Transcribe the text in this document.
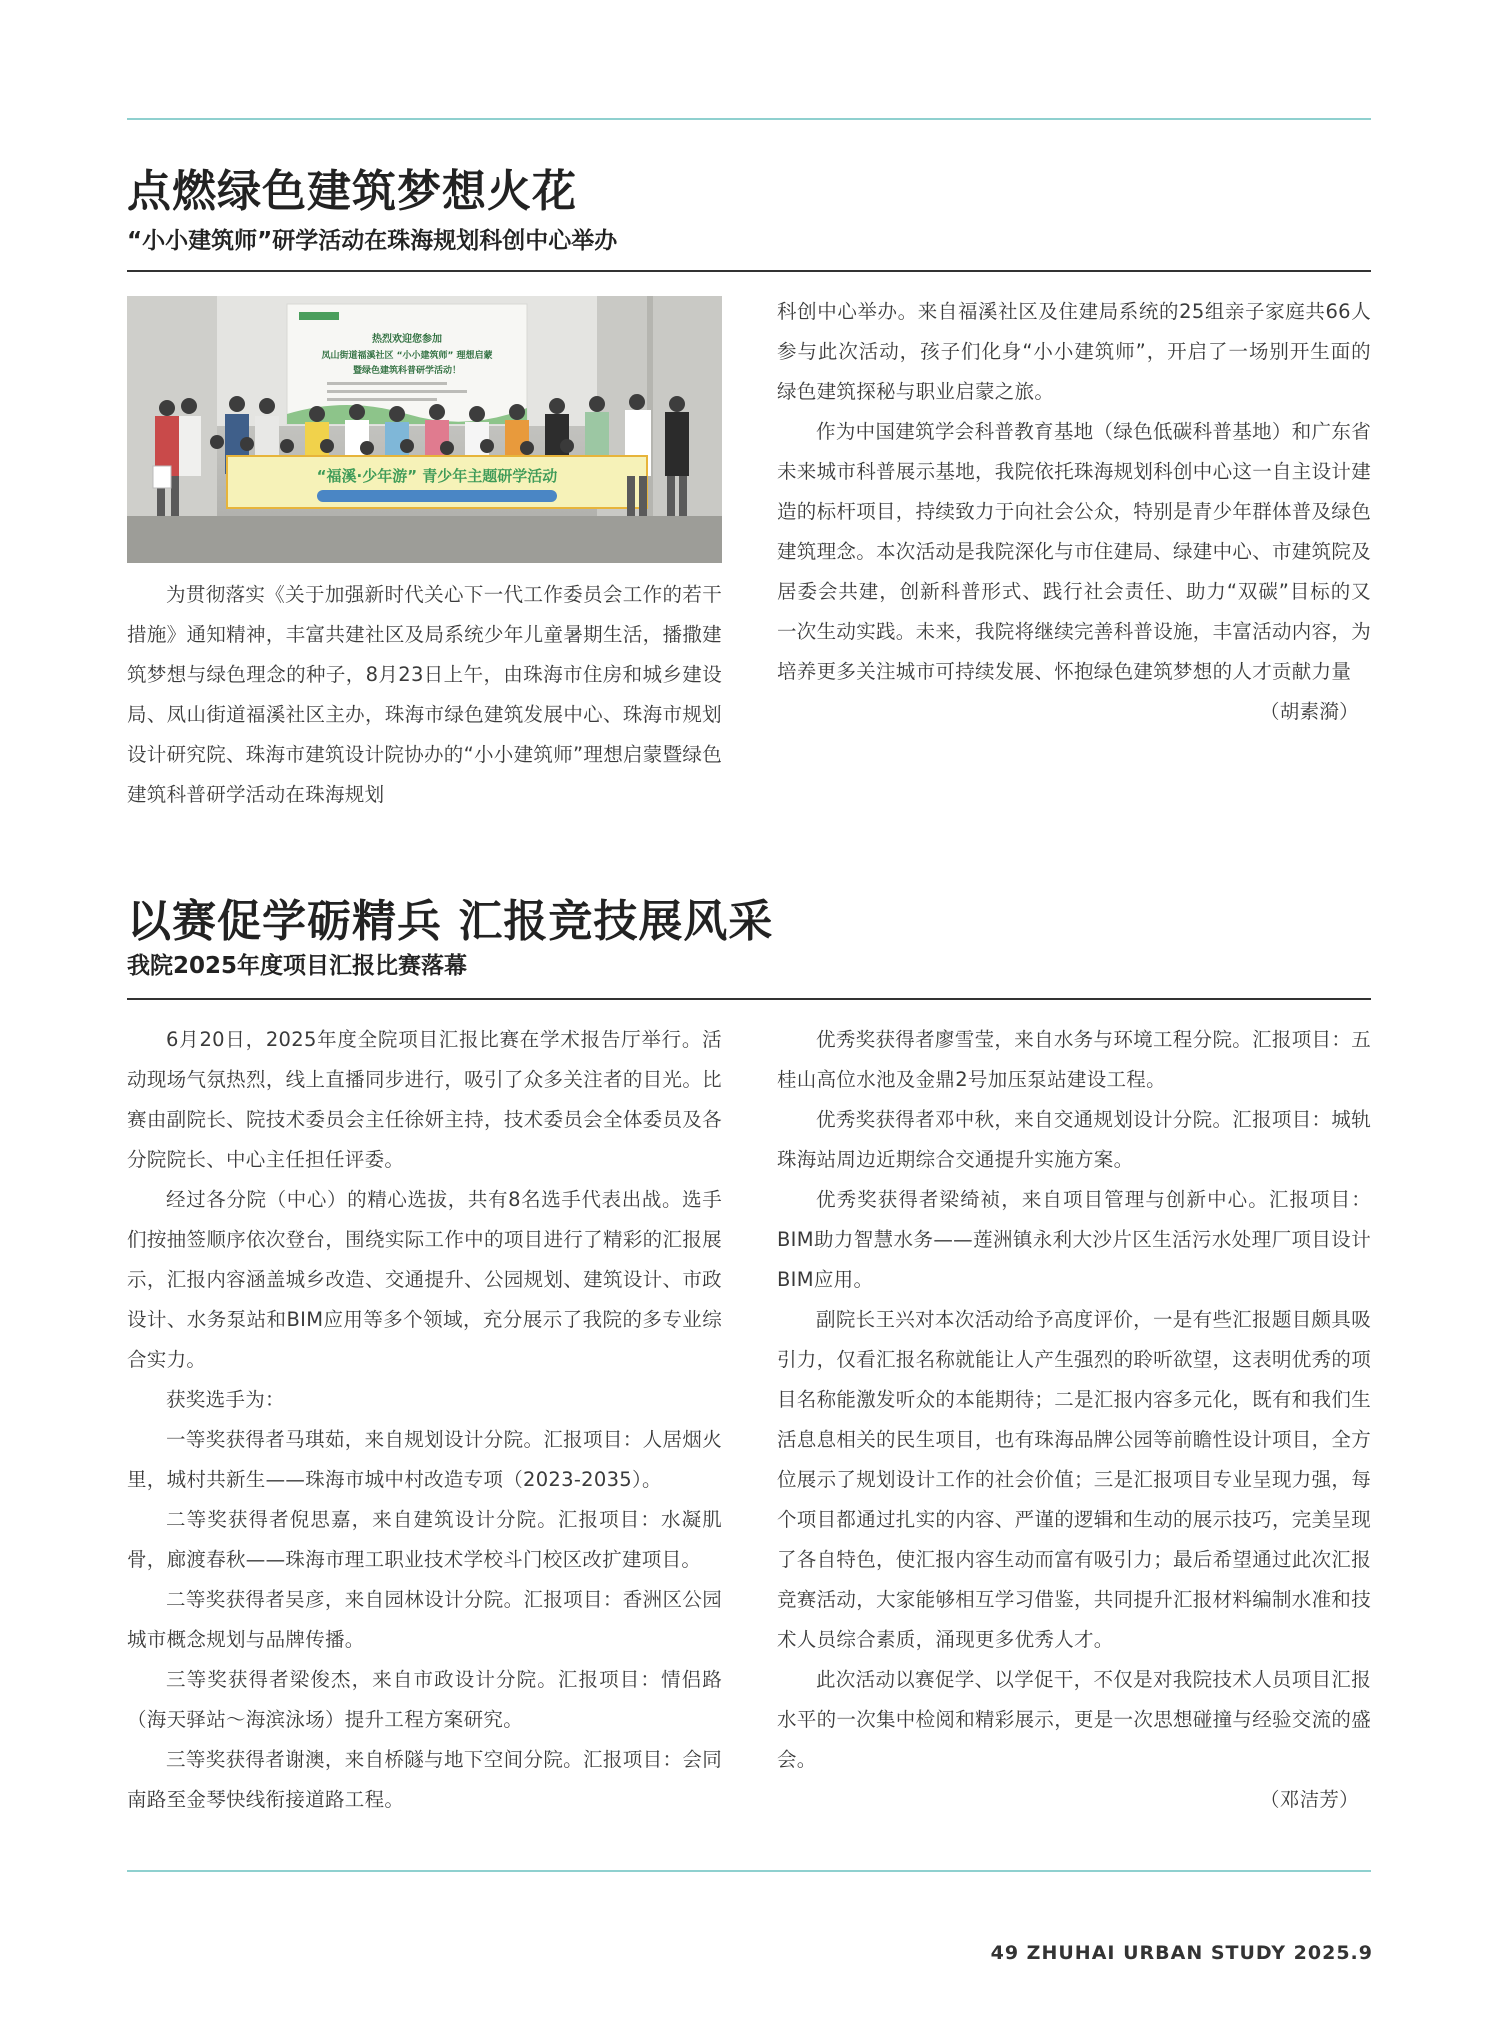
点燃绿色建筑梦想火花
“小小建筑师”研学活动在珠海规划科创中心举办
热烈欢迎您参加
凤山街道福溪社区 “小小建筑师” 理想启蒙
暨绿色建筑科普研学活动！
“福溪·少年游” 青少年主题研学活动

为贯彻落实《关于加强新时代关心下一代工作委员会工作的若干措施》通知精神，丰富共建社区及局系统少年儿童暑期生活，播撒建筑梦想与绿色理念的种子，8月23日上午，由珠海市住房和城乡建设局、凤山街道福溪社区主办，珠海市绿色建筑发展中心、珠海市规划设计研究院、珠海市建筑设计院协办的“小小建筑师”理想启蒙暨绿色建筑科普研学活动在珠海规划

科创中心举办。来自福溪社区及住建局系统的25组亲子家庭共66人参与此次活动，孩子们化身“小小建筑师”，开启了一场别开生面的绿色建筑探秘与职业启蒙之旅。

作为中国建筑学会科普教育基地（绿色低碳科普基地）和广东省未来城市科普展示基地，我院依托珠海规划科创中心这一自主设计建造的标杆项目，持续致力于向社会公众，特别是青少年群体普及绿色建筑理念。本次活动是我院深化与市住建局、绿建中心、市建筑院及居委会共建，创新科普形式、践行社会责任、助力“双碳”目标的又一次生动实践。未来，我院将继续完善科普设施，丰富活动内容，为培养更多关注城市可持续发展、怀抱绿色建筑梦想的人才贡献力量

（胡素漪）

以赛促学砺精兵 汇报竞技展风采
我院2025年度项目汇报比赛落幕

6月20日，2025年度全院项目汇报比赛在学术报告厅举行。活动现场气氛热烈，线上直播同步进行，吸引了众多关注者的目光。比赛由副院长、院技术委员会主任徐妍主持，技术委员会全体委员及各分院院长、中心主任担任评委。

经过各分院（中心）的精心选拔，共有8名选手代表出战。选手们按抽签顺序依次登台，围绕实际工作中的项目进行了精彩的汇报展示，汇报内容涵盖城乡改造、交通提升、公园规划、建筑设计、市政设计、水务泵站和BIM应用等多个领域，充分展示了我院的多专业综合实力。

获奖选手为：

一等奖获得者马琪茹，来自规划设计分院。汇报项目：人居烟火里，城村共新生——珠海市城中村改造专项（2023-2035）。

二等奖获得者倪思嘉，来自建筑设计分院。汇报项目：水凝肌骨，廊渡春秋——珠海市理工职业技术学校斗门校区改扩建项目。

二等奖获得者吴彦，来自园林设计分院。汇报项目：香洲区公园城市概念规划与品牌传播。

三等奖获得者梁俊杰，来自市政设计分院。汇报项目：情侣路（海天驿站～海滨泳场）提升工程方案研究。

三等奖获得者谢澳，来自桥隧与地下空间分院。汇报项目：会同南路至金琴快线衔接道路工程。

优秀奖获得者廖雪莹，来自水务与环境工程分院。汇报项目：五桂山高位水池及金鼎2号加压泵站建设工程。

优秀奖获得者邓中秋，来自交通规划设计分院。汇报项目：城轨珠海站周边近期综合交通提升实施方案。

优秀奖获得者梁绮祯，来自项目管理与创新中心。汇报项目：BIM助力智慧水务——莲洲镇永利大沙片区生活污水处理厂项目设计BIM应用。

副院长王兴对本次活动给予高度评价，一是有些汇报题目颇具吸引力，仅看汇报名称就能让人产生强烈的聆听欲望，这表明优秀的项目名称能激发听众的本能期待；二是汇报内容多元化，既有和我们生活息息相关的民生项目，也有珠海品牌公园等前瞻性设计项目，全方位展示了规划设计工作的社会价值；三是汇报项目专业呈现力强，每个项目都通过扎实的内容、严谨的逻辑和生动的展示技巧，完美呈现了各自特色，使汇报内容生动而富有吸引力；最后希望通过此次汇报竞赛活动，大家能够相互学习借鉴，共同提升汇报材料编制水准和技术人员综合素质，涌现更多优秀人才。

此次活动以赛促学、以学促干，不仅是对我院技术人员项目汇报水平的一次集中检阅和精彩展示，更是一次思想碰撞与经验交流的盛会。

（邓洁芳）

49 ZHUHAI URBAN STUDY 2025.9
